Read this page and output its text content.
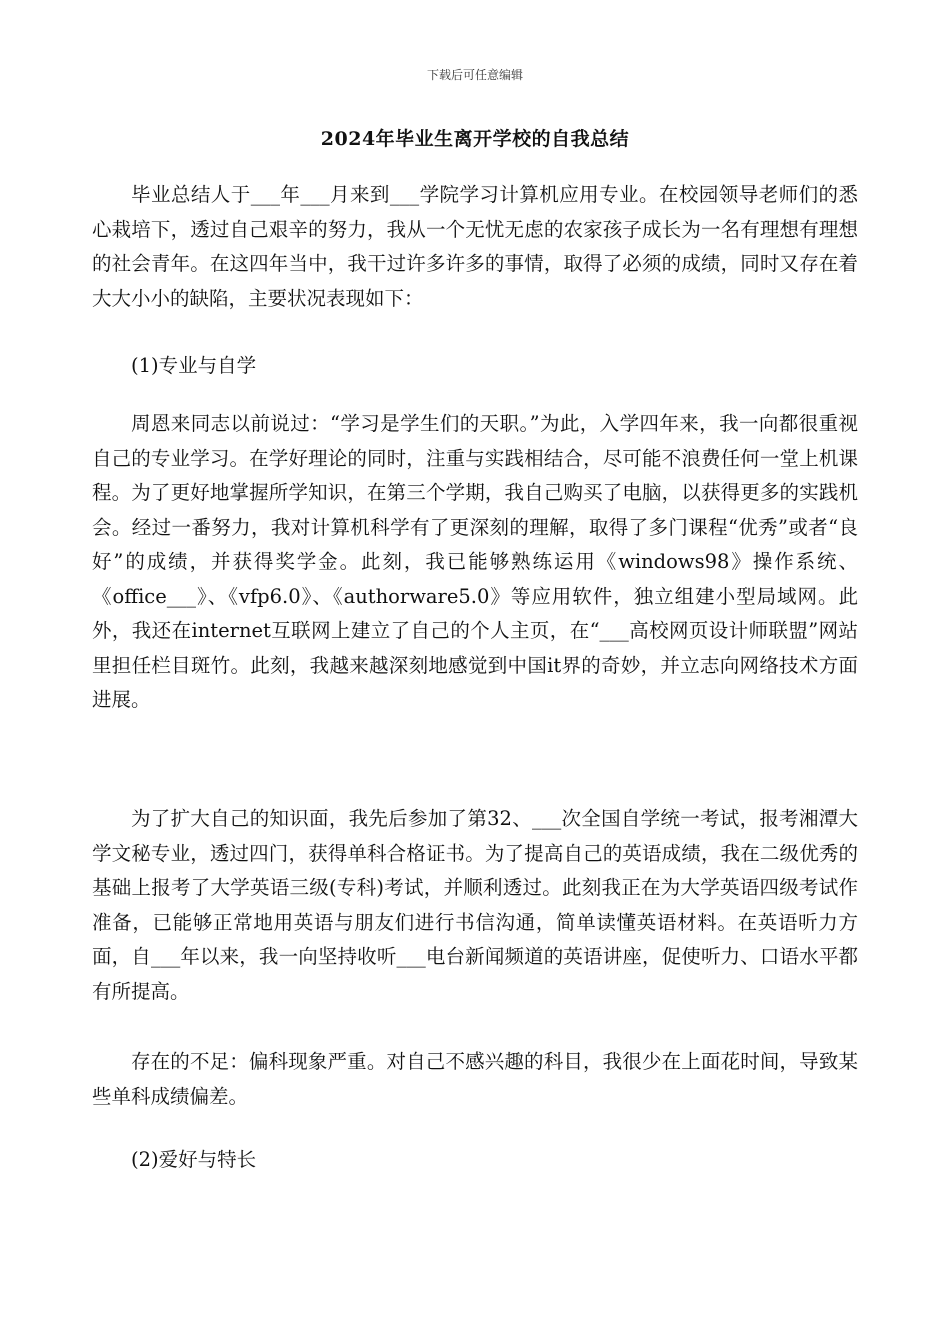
下载后可任意编辑
2024年毕业生离开学校的自我总结

毕业总结人于___年___月来到___学院学习计算机应用专业。在校园领导老师们的悉心栽培下，透过自己艰辛的努力，我从一个无忧无虑的农家孩子成长为一名有理想有理想的社会青年。在这四年当中，我干过许多许多的事情，取得了必须的成绩，同时又存在着大大小小的缺陷，主要状况表现如下：

(1)专业与自学

周恩来同志以前说过：“学习是学生们的天职。”为此，入学四年来，我一向都很重视自己的专业学习。在学好理论的同时，注重与实践相结合，尽可能不浪费任何一堂上机课程。为了更好地掌握所学知识，在第三个学期，我自己购买了电脑，以获得更多的实践机会。经过一番努力，我对计算机科学有了更深刻的理解，取得了多门课程“优秀”或者“良好”的成绩，并获得奖学金。此刻，我已能够熟练运用《windows98》操作系统、《office___》、《vfp6.0》、《authorware5.0》等应用软件，独立组建小型局域网。此外，我还在internet互联网上建立了自己的个人主页，在“___高校网页设计师联盟”网站里担任栏目斑竹。此刻，我越来越深刻地感觉到中国it界的奇妙，并立志向网络技术方面进展。

为了扩大自己的知识面，我先后参加了第32、___次全国自学统一考试，报考湘潭大学文秘专业，透过四门，获得单科合格证书。为了提高自己的英语成绩，我在二级优秀的基础上报考了大学英语三级(专科)考试，并顺利透过。此刻我正在为大学英语四级考试作准备，已能够正常地用英语与朋友们进行书信沟通，简单读懂英语材料。在英语听力方面，自___年以来，我一向坚持收听___电台新闻频道的英语讲座，促使听力、口语水平都有所提高。

存在的不足：偏科现象严重。对自己不感兴趣的科目，我很少在上面花时间，导致某些单科成绩偏差。

(2)爱好与特长
